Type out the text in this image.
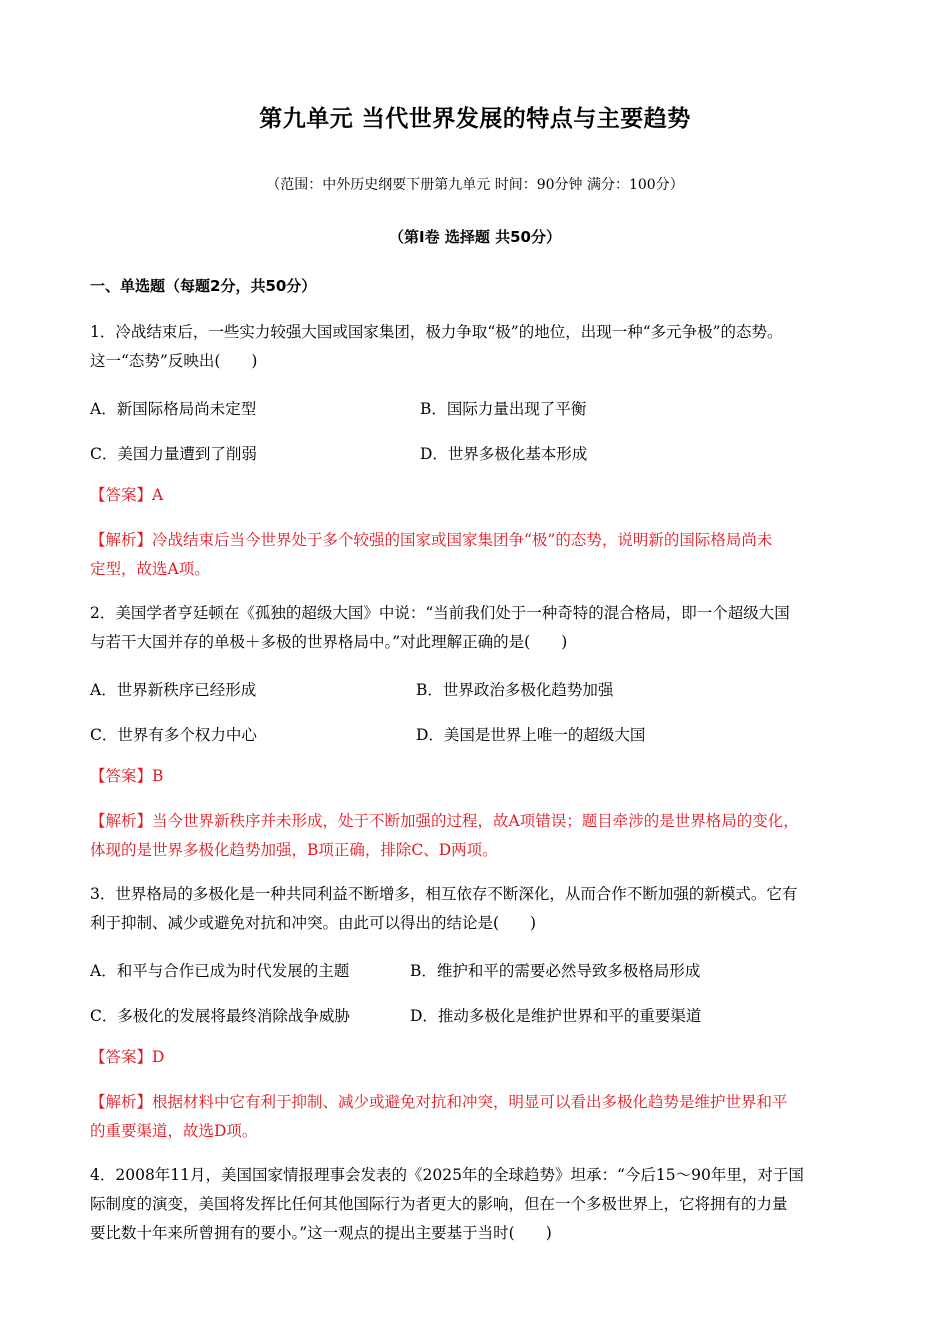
第九单元 当代世界发展的特点与主要趋势
（范围：中外历史纲要下册第九单元 时间：90分钟 满分：100分）
（第Ⅰ卷 选择题 共50分）
一、单选题（每题2分，共50分）
1．冷战结束后，一些实力较强大国或国家集团，极力争取“极”的地位，出现一种“多元争极”的态势。
这一“态势”反映出(　　)
A．新国际格局尚未定型	B．国际力量出现了平衡
C．美国力量遭到了削弱	D．世界多极化基本形成
【答案】A
【解析】冷战结束后当今世界处于多个较强的国家或国家集团争“极”的态势，说明新的国际格局尚未
定型，故选A项。
2．美国学者亨廷顿在《孤独的超级大国》中说：“当前我们处于一种奇特的混合格局，即一个超级大国
与若干大国并存的单极＋多极的世界格局中。”对此理解正确的是(　　)
A．世界新秩序已经形成	B．世界政治多极化趋势加强
C．世界有多个权力中心	D．美国是世界上唯一的超级大国
【答案】B
【解析】当今世界新秩序并未形成，处于不断加强的过程，故A项错误；题目牵涉的是世界格局的变化，
体现的是世界多极化趋势加强，B项正确，排除C、D两项。
3．世界格局的多极化是一种共同利益不断增多，相互依存不断深化，从而合作不断加强的新模式。它有
利于抑制、减少或避免对抗和冲突。由此可以得出的结论是(　　)
A．和平与合作已成为时代发展的主题	B．维护和平的需要必然导致多极格局形成
C．多极化的发展将最终消除战争威胁	D．推动多极化是维护世界和平的重要渠道
【答案】D
【解析】根据材料中它有利于抑制、减少或避免对抗和冲突，明显可以看出多极化趋势是维护世界和平
的重要渠道，故选D项。
4．2008年11月，美国国家情报理事会发表的《2025年的全球趋势》坦承：“今后15～90年里，对于国
际制度的演变，美国将发挥比任何其他国际行为者更大的影响，但在一个多极世界上，它将拥有的力量
要比数十年来所曾拥有的要小。”这一观点的提出主要基于当时(　　)
